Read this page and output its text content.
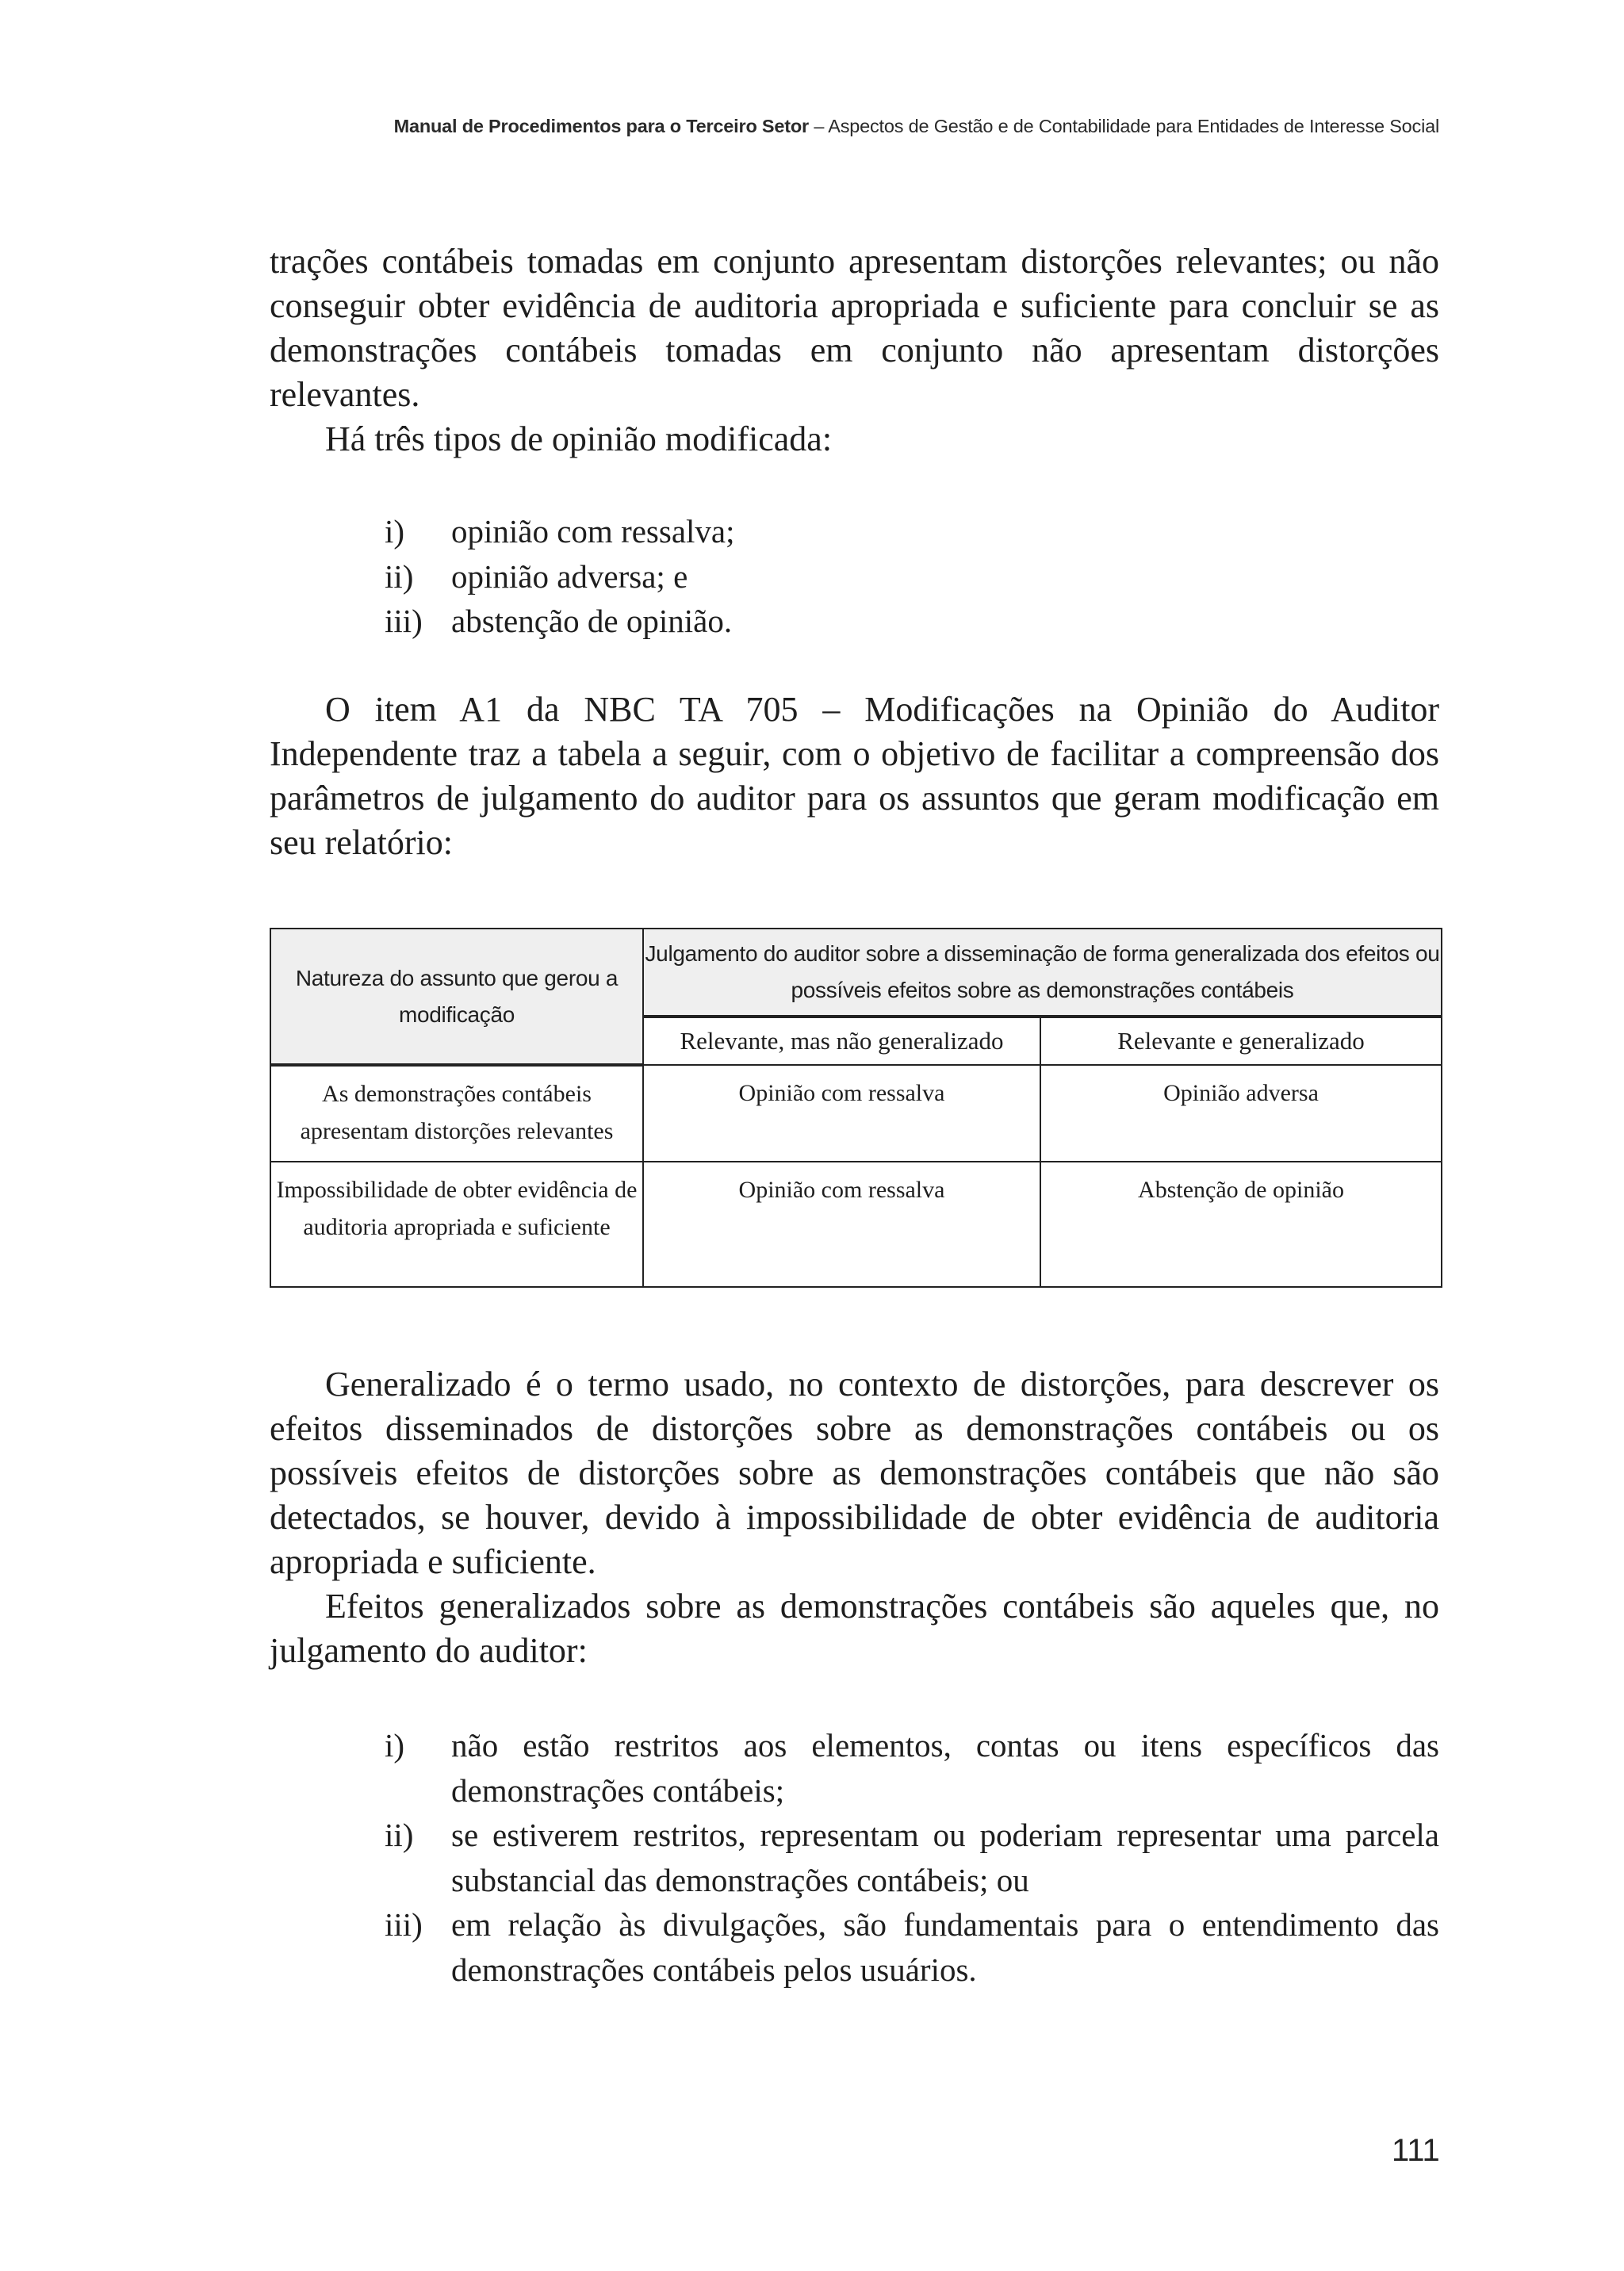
Manual de Procedimentos para o Terceiro Setor – Aspectos de Gestão e de Contabilidade para Entidades de Interesse Social

trações contábeis tomadas em conjunto apresentam distorções relevantes; ou não conseguir obter evidência de auditoria apropriada e suficiente para concluir se as demonstrações contábeis tomadas em conjunto não apresentam distorções relevantes.

Há três tipos de opinião modificada:

i) opinião com ressalva;
ii) opinião adversa; e
iii) abstenção de opinião.

O item A1 da NBC TA 705 – Modificações na Opinião do Auditor Independente traz a tabela a seguir, com o objetivo de facilitar a compreensão dos parâmetros de julgamento do auditor para os assuntos que geram modificação em seu relatório:

Natureza do assunto que gerou a modificação	Julgamento do auditor sobre a disseminação de forma generalizada dos efeitos ou possíveis efeitos sobre as demonstrações contábeis	
	Relevante, mas não generalizado	Relevante e generalizado
As demonstrações contábeis apresentam distorções relevantes	Opinião com ressalva	Opinião adversa
Impossibilidade de obter evidência de auditoria apropriada e suficiente	Opinião com ressalva	Abstenção de opinião

Generalizado é o termo usado, no contexto de distorções, para descrever os efeitos disseminados de distorções sobre as demonstrações contábeis ou os possíveis efeitos de distorções sobre as demonstrações contábeis que não são detectados, se houver, devido à impossibilidade de obter evidência de auditoria apropriada e suficiente.

Efeitos generalizados sobre as demonstrações contábeis são aqueles que, no julgamento do auditor:

i) não estão restritos aos elementos, contas ou itens específicos das demonstrações contábeis;
ii) se estiverem restritos, representam ou poderiam representar uma parcela substancial das demonstrações contábeis; ou
iii) em relação às divulgações, são fundamentais para o entendimento das demonstrações contábeis pelos usuários.
111
